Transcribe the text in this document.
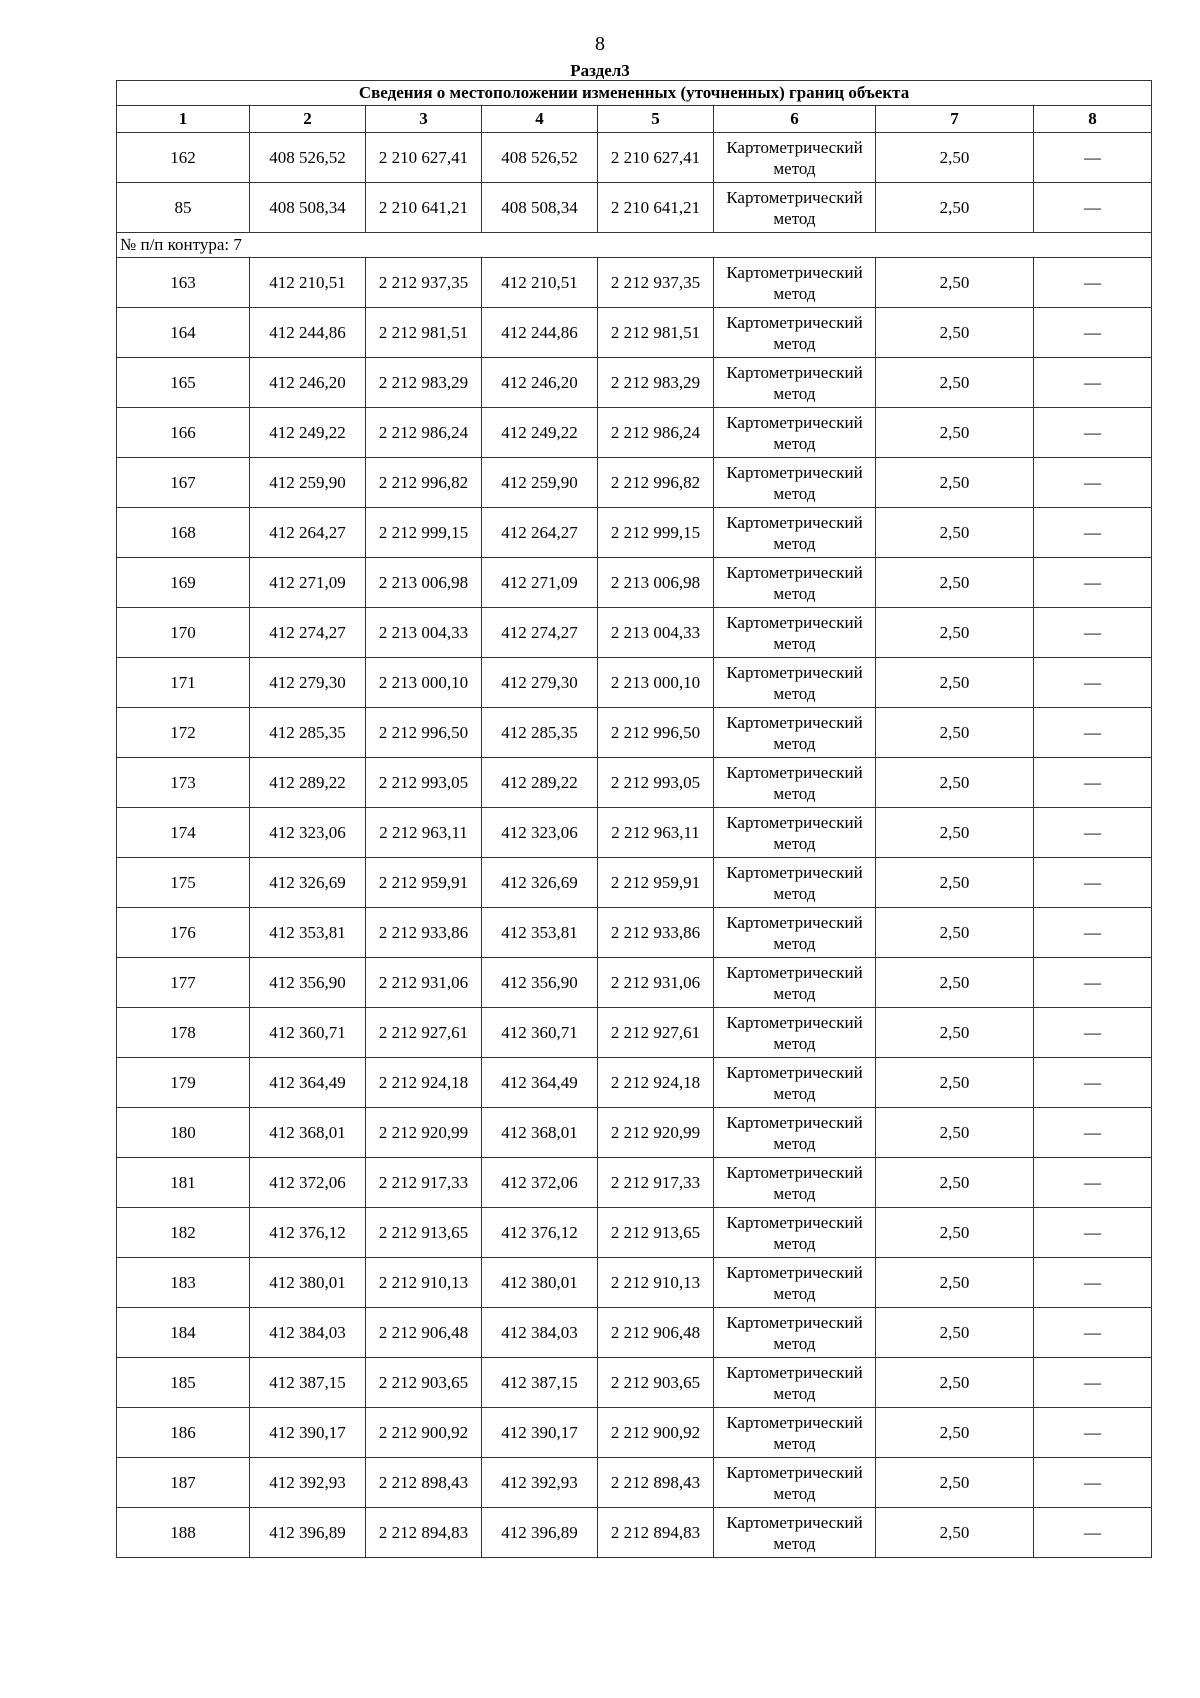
8
Раздел3
Сведения о местоположении измененных (уточненных) границ объекта							
1	2	3	4	5	6	7	8
162	408 526,52	2 210 627,41	408 526,52	2 210 627,41	Картометрический метод	2,50	—
85	408 508,34	2 210 641,21	408 508,34	2 210 641,21	Картометрический метод	2,50	—
№ п/п контура: 7							
163	412 210,51	2 212 937,35	412 210,51	2 212 937,35	Картометрический метод	2,50	—
164	412 244,86	2 212 981,51	412 244,86	2 212 981,51	Картометрический метод	2,50	—
165	412 246,20	2 212 983,29	412 246,20	2 212 983,29	Картометрический метод	2,50	—
166	412 249,22	2 212 986,24	412 249,22	2 212 986,24	Картометрический метод	2,50	—
167	412 259,90	2 212 996,82	412 259,90	2 212 996,82	Картометрический метод	2,50	—
168	412 264,27	2 212 999,15	412 264,27	2 212 999,15	Картометрический метод	2,50	—
169	412 271,09	2 213 006,98	412 271,09	2 213 006,98	Картометрический метод	2,50	—
170	412 274,27	2 213 004,33	412 274,27	2 213 004,33	Картометрический метод	2,50	—
171	412 279,30	2 213 000,10	412 279,30	2 213 000,10	Картометрический метод	2,50	—
172	412 285,35	2 212 996,50	412 285,35	2 212 996,50	Картометрический метод	2,50	—
173	412 289,22	2 212 993,05	412 289,22	2 212 993,05	Картометрический метод	2,50	—
174	412 323,06	2 212 963,11	412 323,06	2 212 963,11	Картометрический метод	2,50	—
175	412 326,69	2 212 959,91	412 326,69	2 212 959,91	Картометрический метод	2,50	—
176	412 353,81	2 212 933,86	412 353,81	2 212 933,86	Картометрический метод	2,50	—
177	412 356,90	2 212 931,06	412 356,90	2 212 931,06	Картометрический метод	2,50	—
178	412 360,71	2 212 927,61	412 360,71	2 212 927,61	Картометрический метод	2,50	—
179	412 364,49	2 212 924,18	412 364,49	2 212 924,18	Картометрический метод	2,50	—
180	412 368,01	2 212 920,99	412 368,01	2 212 920,99	Картометрический метод	2,50	—
181	412 372,06	2 212 917,33	412 372,06	2 212 917,33	Картометрический метод	2,50	—
182	412 376,12	2 212 913,65	412 376,12	2 212 913,65	Картометрический метод	2,50	—
183	412 380,01	2 212 910,13	412 380,01	2 212 910,13	Картометрический метод	2,50	—
184	412 384,03	2 212 906,48	412 384,03	2 212 906,48	Картометрический метод	2,50	—
185	412 387,15	2 212 903,65	412 387,15	2 212 903,65	Картометрический метод	2,50	—
186	412 390,17	2 212 900,92	412 390,17	2 212 900,92	Картометрический метод	2,50	—
187	412 392,93	2 212 898,43	412 392,93	2 212 898,43	Картометрический метод	2,50	—
188	412 396,89	2 212 894,83	412 396,89	2 212 894,83	Картометрический метод	2,50	—
